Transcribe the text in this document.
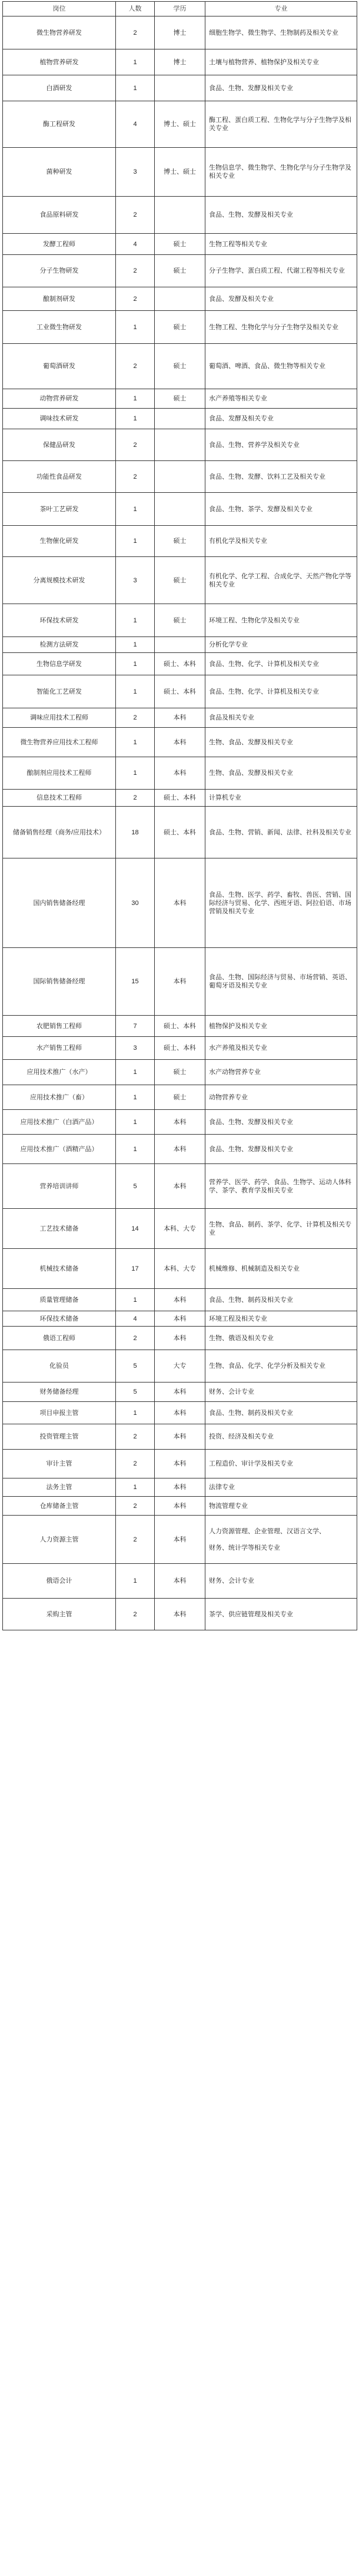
岗位	人数	学历	专业
微生物营养研发	2	博士	细胞生物学、微生物学、生物制药及相关专业
植物营养研发	1	博士	土壤与植物营养、植物保护及相关专业
白酒研发	1		食品、生物、发酵及相关专业
酶工程研发	4	博士、硕士	酶工程、蛋白质工程、生物化学与分子生物学及相关专业
菌种研发	3	博士、硕士	生物信息学、微生物学、生物化学与分子生物学及相关专业
食品原料研发	2		食品、生物、发酵及相关专业
发酵工程师	4	硕士	生物工程等相关专业
分子生物研发	2	硕士	分子生物学、蛋白质工程、代谢工程等相关专业
酿制剂研发	2		食品、发酵及相关专业
工业微生物研发	1	硕士	生物工程、生物化学与分子生物学及相关专业
葡萄酒研发	2	硕士	葡萄酒、啤酒、食品、微生物等相关专业
动物营养研发	1	硕士	水产养殖等相关专业
调味技术研发	1		食品、发酵及相关专业
保健品研发	2		食品、生物、营养学及相关专业
功能性食品研发	2		食品、生物、发酵、饮料工艺及相关专业
茶叶工艺研发	1		食品、生物、茶学、发酵及相关专业
生物催化研发	1	硕士	有机化学及相关专业
分离规模技术研发	3	硕士	有机化学、化学工程、合成化学、天然产物化学等相关专业
环保技术研发	1	硕士	环境工程、生物化学及相关专业
检测方法研发	1		分析化学专业
生物信息学研发	1	硕士、本科	食品、生物、化学、计算机及相关专业
智能化工艺研发	1	硕士、本科	食品、生物、化学、计算机及相关专业
调味应用技术工程师	2	本科	食品及相关专业
微生物营养应用技术工程师	1	本科	生物、食品、发酵及相关专业
酿制剂应用技术工程师	1	本科	生物、食品、发酵及相关专业
信息技术工程师	2	硕士、本科	计算机专业
储备销售经理（商务/应用技术）	18	硕士、本科	食品、生物、营销、新闻、法律、社科及相关专业
国内销售储备经理	30	本科	食品、生物、医学、药学、畜牧、兽医、营销、国际经济与贸易、化学、西班牙语、阿拉伯语、市场营销及相关专业
国际销售储备经理	15	本科	食品、生物、国际经济与贸易、市场营销、英语、葡萄牙语及相关专业
农肥销售工程师	7	硕士、本科	植物保护及相关专业
水产销售工程师	3	硕士、本科	水产养殖及相关专业
应用技术推广（水产）	1	硕士	水产动物营养专业
应用技术推广（畜）	1	硕士	动物营养专业
应用技术推广（白酒产品）	1	本科	食品、生物、发酵及相关专业
应用技术推广（酒精产品）	1	本科	食品、生物、发酵及相关专业
营养培训讲师	5	本科	营养学、医学、药学、食品、生物学、运动人体科学、茶学、教育学及相关专业
工艺技术储备	14	本科、大专	生物、食品、制药、茶学、化学、计算机及相关专业
机械技术储备	17	本科、大专	机械维修、机械制造及相关专业
质量管理储备	1	本科	食品、生物、制药及相关专业
环保技术储备	4	本科	环境工程及相关专业
俄语工程师	2	本科	生物、俄语及相关专业
化验员	5	大专	生物、食品、化学、化学分析及相关专业
财务储备经理	5	本科	财务、会计专业
项目申报主管	1	本科	食品、生物、制药及相关专业
投资管理主管	2	本科	投资、经济及相关专业
审计主管	2	本科	工程造价、审计学及相关专业
法务主管	1	本科	法律专业
仓库储备主管	2	本科	物流管理专业
人力资源主管	2	本科	人力资源管理、企业管理、汉语言文学、

财务、统计学等相关专业
俄语会计	1	本科	财务、会计专业
采购主管	2	本科	茶学、供应链管理及相关专业
